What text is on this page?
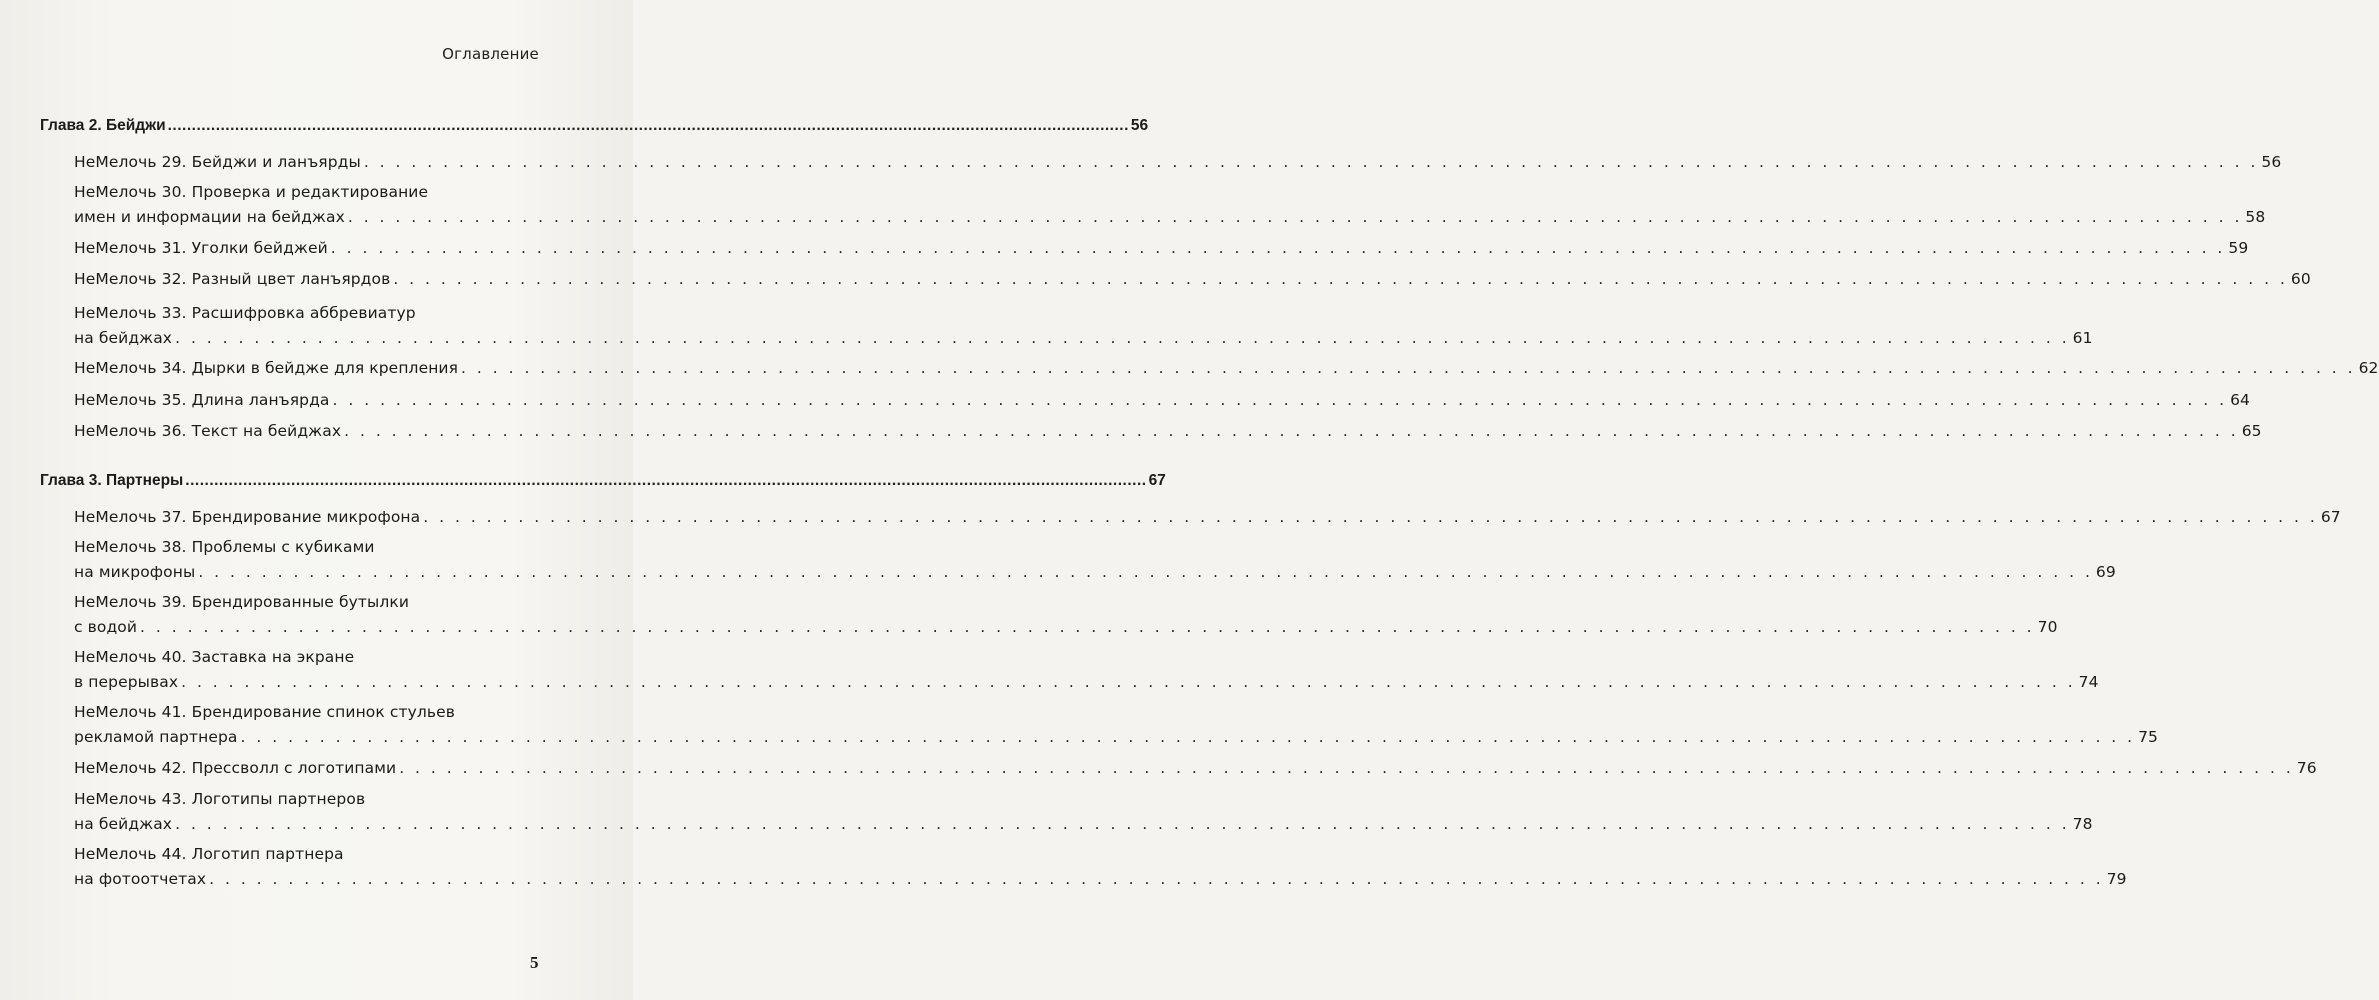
Оглавление
Глава 2. Бейджи ........................................................................................................................................................................................................ 56
НеМелочь 29. Бейджи и ланъярды . . . . . . . . . . . . . . . . . . . . . . . . . . . . . . . . . . . . . . . . . . . . . . . . . . . . . . . . . . . . . . . . . . . . . . . . . . . . . . . . . . . . . . . . . . . . . . . . . . . . . . . . . . . . . . . . . . . . . . . . 56
НеМелочь 30. Проверка и редактирование
имен и информации на бейджах . . . . . . . . . . . . . . . . . . . . . . . . . . . . . . . . . . . . . . . . . . . . . . . . . . . . . . . . . . . . . . . . . . . . . . . . . . . . . . . . . . . . . . . . . . . . . . . . . . . . . . . . . . . . . . . . . . . . . . . . 58
НеМелочь 31. Уголки бейджей . . . . . . . . . . . . . . . . . . . . . . . . . . . . . . . . . . . . . . . . . . . . . . . . . . . . . . . . . . . . . . . . . . . . . . . . . . . . . . . . . . . . . . . . . . . . . . . . . . . . . . . . . . . . . . . . . . . . . . . . 59
НеМелочь 32. Разный цвет ланъярдов . . . . . . . . . . . . . . . . . . . . . . . . . . . . . . . . . . . . . . . . . . . . . . . . . . . . . . . . . . . . . . . . . . . . . . . . . . . . . . . . . . . . . . . . . . . . . . . . . . . . . . . . . . . . . . . . . . . . . . . . 60
НеМелочь 33. Расшифровка аббревиатур
на бейджах . . . . . . . . . . . . . . . . . . . . . . . . . . . . . . . . . . . . . . . . . . . . . . . . . . . . . . . . . . . . . . . . . . . . . . . . . . . . . . . . . . . . . . . . . . . . . . . . . . . . . . . . . . . . . . . . . . . . . . . . 61
НеМелочь 34. Дырки в бейдже для крепления . . . . . . . . . . . . . . . . . . . . . . . . . . . . . . . . . . . . . . . . . . . . . . . . . . . . . . . . . . . . . . . . . . . . . . . . . . . . . . . . . . . . . . . . . . . . . . . . . . . . . . . . . . . . . . . . . . . . . . . . 62
НеМелочь 35. Длина ланъярда . . . . . . . . . . . . . . . . . . . . . . . . . . . . . . . . . . . . . . . . . . . . . . . . . . . . . . . . . . . . . . . . . . . . . . . . . . . . . . . . . . . . . . . . . . . . . . . . . . . . . . . . . . . . . . . . . . . . . . . . 64
НеМелочь 36. Текст на бейджах . . . . . . . . . . . . . . . . . . . . . . . . . . . . . . . . . . . . . . . . . . . . . . . . . . . . . . . . . . . . . . . . . . . . . . . . . . . . . . . . . . . . . . . . . . . . . . . . . . . . . . . . . . . . . . . . . . . . . . . . 65
Глава 3. Партнеры ........................................................................................................................................................................................................ 67
НеМелочь 37. Брендирование микрофона . . . . . . . . . . . . . . . . . . . . . . . . . . . . . . . . . . . . . . . . . . . . . . . . . . . . . . . . . . . . . . . . . . . . . . . . . . . . . . . . . . . . . . . . . . . . . . . . . . . . . . . . . . . . . . . . . . . . . . . . 67
НеМелочь 38. Проблемы с кубиками
на микрофоны . . . . . . . . . . . . . . . . . . . . . . . . . . . . . . . . . . . . . . . . . . . . . . . . . . . . . . . . . . . . . . . . . . . . . . . . . . . . . . . . . . . . . . . . . . . . . . . . . . . . . . . . . . . . . . . . . . . . . . . . 69
НеМелочь 39. Брендированные бутылки
с водой . . . . . . . . . . . . . . . . . . . . . . . . . . . . . . . . . . . . . . . . . . . . . . . . . . . . . . . . . . . . . . . . . . . . . . . . . . . . . . . . . . . . . . . . . . . . . . . . . . . . . . . . . . . . . . . . . . . . . . . . 70
НеМелочь 40. Заставка на экране
в перерывах . . . . . . . . . . . . . . . . . . . . . . . . . . . . . . . . . . . . . . . . . . . . . . . . . . . . . . . . . . . . . . . . . . . . . . . . . . . . . . . . . . . . . . . . . . . . . . . . . . . . . . . . . . . . . . . . . . . . . . . . 74
НеМелочь 41. Брендирование спинок стульев
рекламой партнера . . . . . . . . . . . . . . . . . . . . . . . . . . . . . . . . . . . . . . . . . . . . . . . . . . . . . . . . . . . . . . . . . . . . . . . . . . . . . . . . . . . . . . . . . . . . . . . . . . . . . . . . . . . . . . . . . . . . . . . . 75
НеМелочь 42. Прессволл с логотипами . . . . . . . . . . . . . . . . . . . . . . . . . . . . . . . . . . . . . . . . . . . . . . . . . . . . . . . . . . . . . . . . . . . . . . . . . . . . . . . . . . . . . . . . . . . . . . . . . . . . . . . . . . . . . . . . . . . . . . . . 76
НеМелочь 43. Логотипы партнеров
на бейджах . . . . . . . . . . . . . . . . . . . . . . . . . . . . . . . . . . . . . . . . . . . . . . . . . . . . . . . . . . . . . . . . . . . . . . . . . . . . . . . . . . . . . . . . . . . . . . . . . . . . . . . . . . . . . . . . . . . . . . . . 78
НеМелочь 44. Логотип партнера
на фотоотчетах . . . . . . . . . . . . . . . . . . . . . . . . . . . . . . . . . . . . . . . . . . . . . . . . . . . . . . . . . . . . . . . . . . . . . . . . . . . . . . . . . . . . . . . . . . . . . . . . . . . . . . . . . . . . . . . . . . . . . . . . 79
5
